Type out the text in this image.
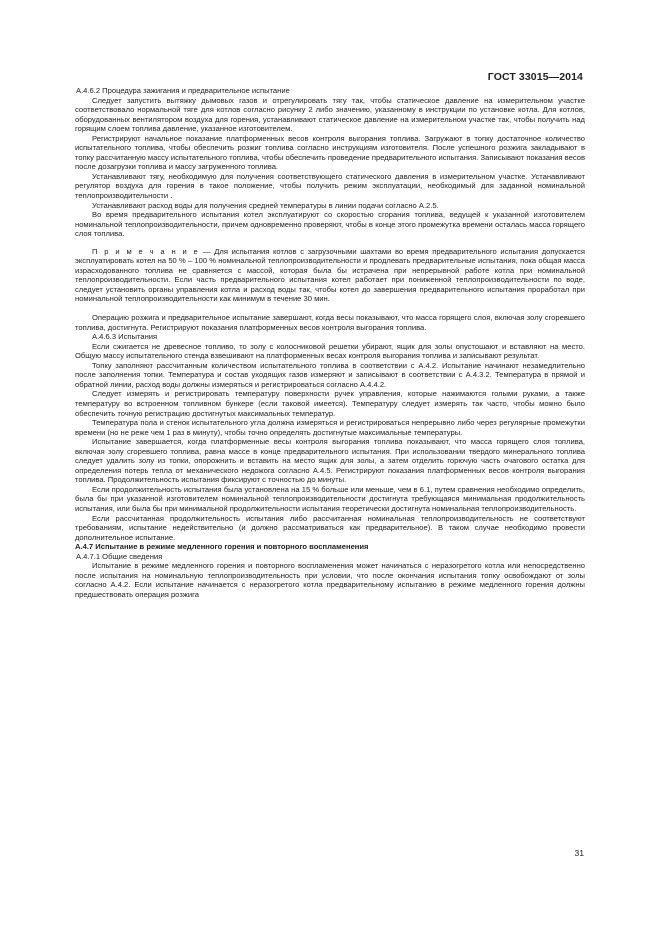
ГОСТ 33015—2014

А.4.6.2 Процедура зажигания и предварительное испытание

Следует запустить вытяжку дымовых газов и отрегулировать тягу так, чтобы статическое давление на измерительном участке соответствовало нормальной тяге для котлов согласно рисунку 2 либо значению, указанному в инструкции по установке котла. Для котлов, оборудованных вентилятором воздуха для горения, устанавливают статическое давление на измерительном участке так, чтобы получить над горящим слоем топлива давление, указанное изготовителем.

Регистрируют начальное показание платформенных весов контроля выгорания топлива. Загружают в топку достаточное количество испытательного топлива, чтобы обеспечить розжиг топлива согласно инструкциям изготовителя. После успешного розжига закладывают в топку рассчитанную массу испытательного топлива, чтобы обеспечить проведение предварительного испытания. Записывают показания весов после дозагрузки топлива и массу загруженного топлива.

Устанавливают тягу, необходимую для получения соответствующего статического давления в измерительном участке. Устанавливают регулятор воздуха для горения в такое положение, чтобы получить режим эксплуатации, необходимый для заданной номинальной теплопроизводительности .

Устанавливают расход воды для получения средней температуры в линии подачи согласно А.2.5.

Во время предварительного испытания котел эксплуатируют со скоростью сгорания топлива, ведущей к указанной изготовителем номинальной теплопроизводительности, причем одновременно проверяют, чтобы в конце этого промежутка времени осталась масса горящего слоя топлива.

П р и м е ч а н и е — Для испытания котлов с загрузочными шахтами во время предварительного испытания допускается эксплуатировать котел на 50 % – 100 % номинальной теплопроизводительности и продлевать предварительные испытания, пока общая масса израсходованного топлива не сравняется с массой, которая была бы истрачена при непрерывной работе котла при номинальной теплопроизводительности. Если часть предварительного испытания котел работает при пониженной теплопроизводительности по воде, следует установить органы управления котла и расход воды так, чтобы котел до завершения предварительного испытания проработал при номинальной теплопроизводительности как минимум в течение 30 мин.

Операцию розжига и предварительное испытание завершают, когда весы показывают, что масса горящего слоя, включая золу сгоревшего топлива, достигнута. Регистрируют показания платформенных весов контроля выгорания топлива.

А.4.6.3 Испытания

Если сжигается не древесное топливо, то золу с колосниковой решетки убирают, ящик для золы опустошают и вставляют на место. Общую массу испытательного стенда взвешивают на платформенных весах контроля выгорания топлива и записывают результат.

Топку заполняют рассчитанным количеством испытательного топлива в соответствии с А.4.2. Испытание начинают незамедлительно после заполнения топки. Температура и состав уходящих газов измеряют и записывают в соответствии с А.4.3.2. Температура в прямой и обратной линии, расход воды должны измеряться и регистрироваться согласно А.4.4.2.

Следует измерять и регистрировать температуру поверхности ручек управления, которые нажимаются голыми руками, а также температуру во встроенном топливном бункере (если таковой имеется). Температуру следует измерять так часто, чтобы можно было обеспечить точную регистрацию достигнутых максимальных температур.

Температура пола и стенок испытательного угла должна измеряться и регистрироваться непрерывно либо через регулярные промежутки времени (но не реже чем 1 раз в минуту), чтобы точно определять достигнутые максимальные температуры.

Испытание завершается, когда платформенные весы контроля выгорания топлива показывают, что масса горящего слоя топлива, включая золу сгоревшего топлива, равна массе в конце предварительного испытания. При использовании твердого минерального топлива следует удалить золу из топки, опорожнить и вставить на место ящик для золы, а затем отделить горючую часть очагового остатка для определения потерь тепла от механического недожога согласно А.4.5. Регистрируют показания платформенных весов контроля выгорания топлива. Продолжительность испытания фиксируют с точностью до минуты.

Если продолжительность испытания была установлена на 15 % больше или меньше, чем в 6.1, путем сравнения необходимо определить, была бы при указанной изготовителем номинальной теплопроизводительности достигнута требующаяся минимальная продолжительность испытания, или была бы при минимальной продолжительности испытания теоретически достигнута номинальная теплопроизводительность.

Если рассчитанная продолжительность испытания либо рассчитанная номинальная теплопроизводительность не соответствуют требованиям, испытание недействительно (и должно рассматриваться как предварительное). В таком случае необходимо провести дополнительное испытание.

А.4.7 Испытание в режиме медленного горения и повторного воспламенения

А.4.7.1 Общие сведения

Испытание в режиме медленного горения и повторного воспламенения может начинаться с неразогретого котла или непосредственно после испытания на номинальную теплопроизводительность при условии, что после окончания испытания топку освобождают от золы согласно А.4.2. Если испытание начинается с неразогретого котла предварительному испытанию в режиме медленного горения должны предшествовать операция розжига

31
